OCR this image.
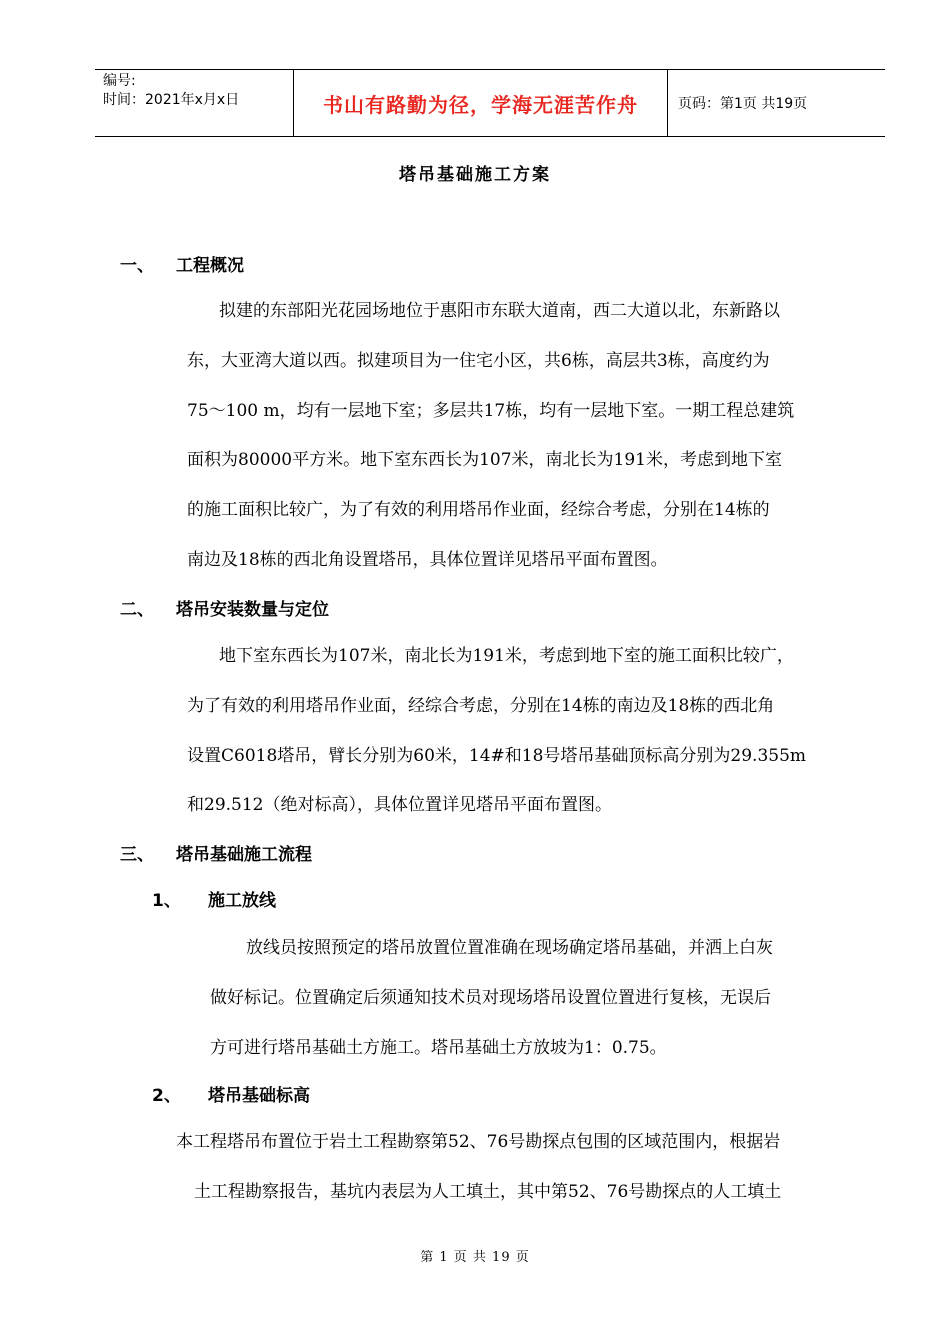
编号:
时间：2021年x月x日	书山有路勤为径，学海无涯苦作舟	页码：第1页 共19页
塔吊基础施工方案
一、 工程概况
拟建的东部阳光花园场地位于惠阳市东联大道南，西二大道以北，东新路以
东，大亚湾大道以西。拟建项目为一住宅小区，共6栋，高层共3栋，高度约为
75～100 m，均有一层地下室；多层共17栋，均有一层地下室。一期工程总建筑
面积为80000平方米。地下室东西长为107米，南北长为191米，考虑到地下室
的施工面积比较广，为了有效的利用塔吊作业面，经综合考虑，分别在14栋的
南边及18栋的西北角设置塔吊，具体位置详见塔吊平面布置图。
二、 塔吊安装数量与定位
地下室东西长为107米，南北长为191米，考虑到地下室的施工面积比较广，
为了有效的利用塔吊作业面，经综合考虑，分别在14栋的南边及18栋的西北角
设置C6018塔吊，臂长分别为60米，14#和18号塔吊基础顶标高分别为29.355m
和29.512（绝对标高），具体位置详见塔吊平面布置图。
三、 塔吊基础施工流程
1、 施工放线
放线员按照预定的塔吊放置位置准确在现场确定塔吊基础，并洒上白灰
做好标记。位置确定后须通知技术员对现场塔吊设置位置进行复核，无误后
方可进行塔吊基础土方施工。塔吊基础土方放坡为1：0.75。
2、 塔吊基础标高
本工程塔吊布置位于岩土工程勘察第52、76号勘探点包围的区域范围内，根据岩
土工程勘察报告，基坑内表层为人工填土，其中第52、76号勘探点的人工填土
第 1 页 共 19 页
